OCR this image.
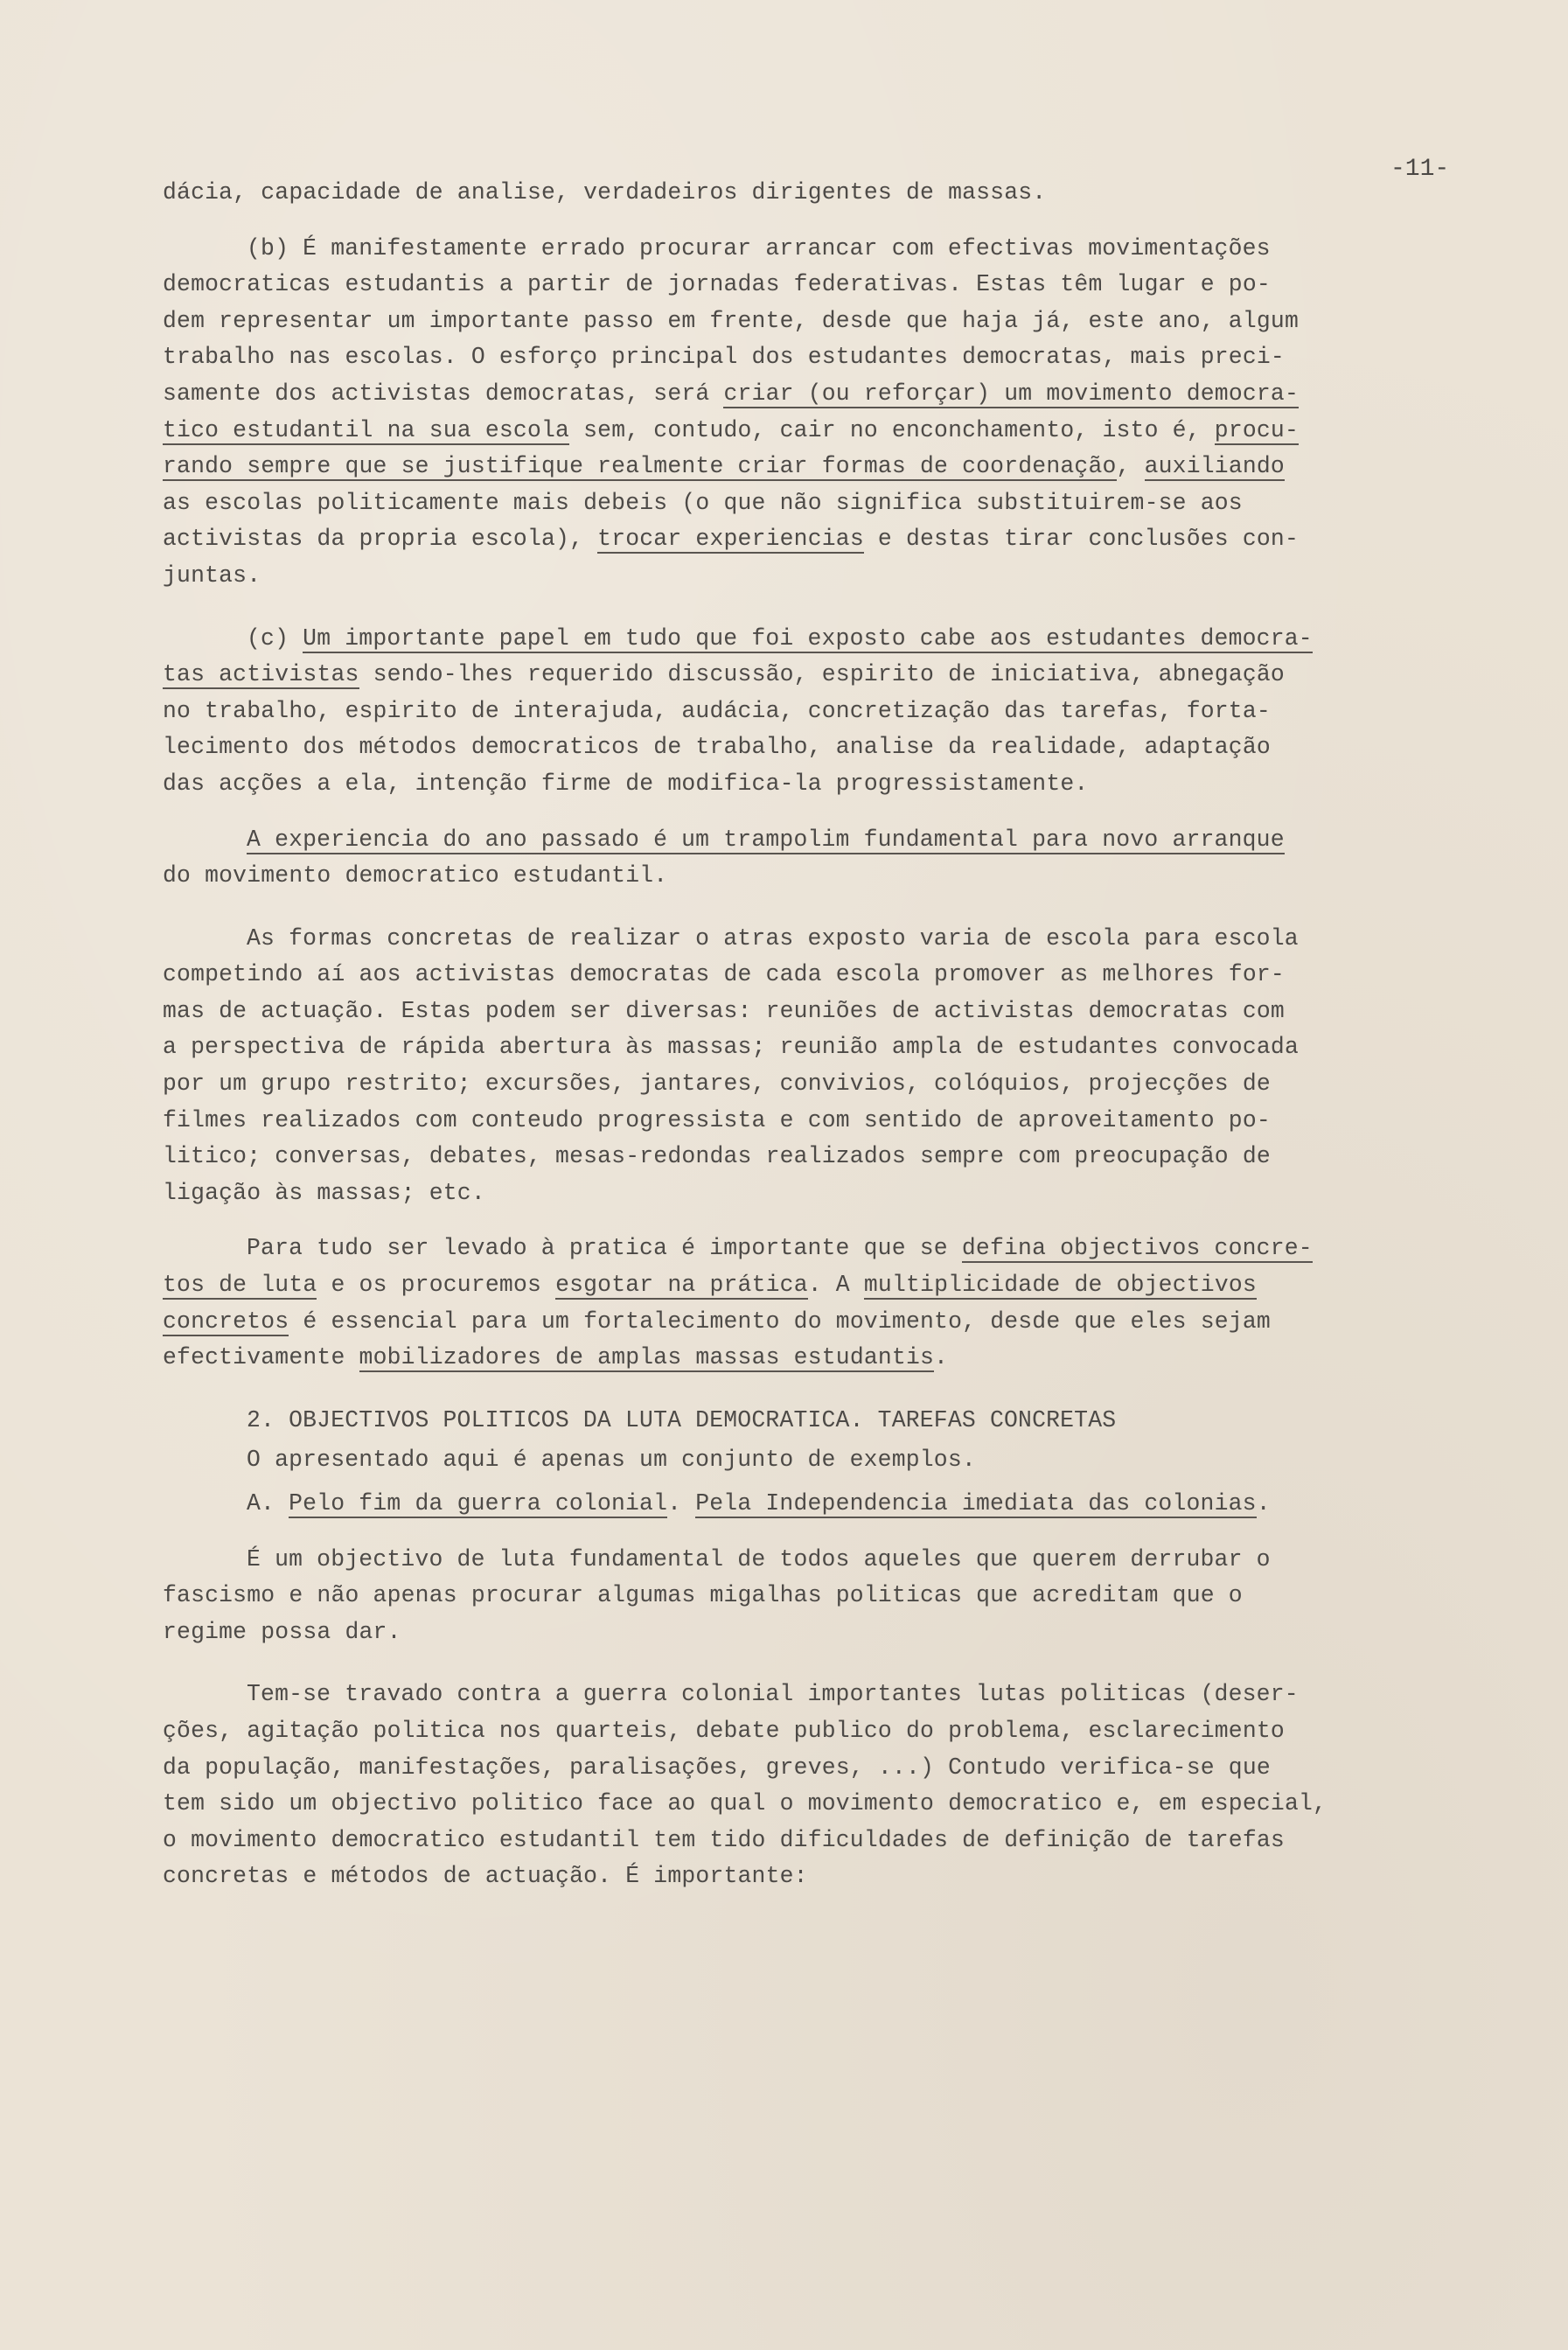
-11-

dácia, capacidade de analise, verdadeiros dirigentes de massas.

(b) É manifestamente errado procurar arrancar com efectivas movimentações
democraticas estudantis a partir de jornadas federativas. Estas têm lugar e po-
dem representar um importante passo em frente, desde que haja já, este ano, algum
trabalho nas escolas. O esforço principal dos estudantes democratas, mais preci-
samente dos activistas democratas, será criar (ou reforçar) um movimento democra-
tico estudantil na sua escola sem, contudo, cair no enconchamento, isto é, procu-
rando sempre que se justifique realmente criar formas de coordenação, auxiliando
as escolas politicamente mais debeis (o que não significa substituirem-se aos
activistas da propria escola), trocar experiencias e destas tirar conclusões con-
juntas.

(c) Um importante papel em tudo que foi exposto cabe aos estudantes democra-
tas activistas sendo-lhes requerido discussão, espirito de iniciativa, abnegação
no trabalho, espirito de interajuda, audácia, concretização das tarefas, forta-
lecimento dos métodos democraticos de trabalho, analise da realidade, adaptação
das acções a ela, intenção firme de modifica-la progressistamente.

A experiencia do ano passado é um trampolim fundamental para novo arranque
do movimento democratico estudantil.

As formas concretas de realizar o atras exposto varia de escola para escola
competindo aí aos activistas democratas de cada escola promover as melhores for-
mas de actuação. Estas podem ser diversas: reuniões de activistas democratas com
a perspectiva de rápida abertura às massas; reunião ampla de estudantes convocada
por um grupo restrito; excursões, jantares, convivios, colóquios, projecções de
filmes realizados com conteudo progressista e com sentido de aproveitamento po-
litico; conversas, debates, mesas-redondas realizados sempre com preocupação de
ligação às massas; etc.

Para tudo ser levado à pratica é importante que se defina objectivos concre-
tos de luta e os procuremos esgotar na prática. A multiplicidade de objectivos
concretos é essencial para um fortalecimento do movimento, desde que eles sejam
efectivamente mobilizadores de amplas massas estudantis.

2. OBJECTIVOS POLITICOS DA LUTA DEMOCRATICA. TAREFAS CONCRETAS

O apresentado aqui é apenas um conjunto de exemplos.

A. Pelo fim da guerra colonial. Pela Independencia imediata das colonias.

É um objectivo de luta fundamental de todos aqueles que querem derrubar o
fascismo e não apenas procurar algumas migalhas politicas que acreditam que o
regime possa dar.

Tem-se travado contra a guerra colonial importantes lutas politicas (deser-
ções, agitação politica nos quarteis, debate publico do problema, esclarecimento
da população, manifestações, paralisações, greves, ...) Contudo verifica-se que
tem sido um objectivo politico face ao qual o movimento democratico e, em especial,
o movimento democratico estudantil tem tido dificuldades de definição de tarefas
concretas e métodos de actuação. É importante:
